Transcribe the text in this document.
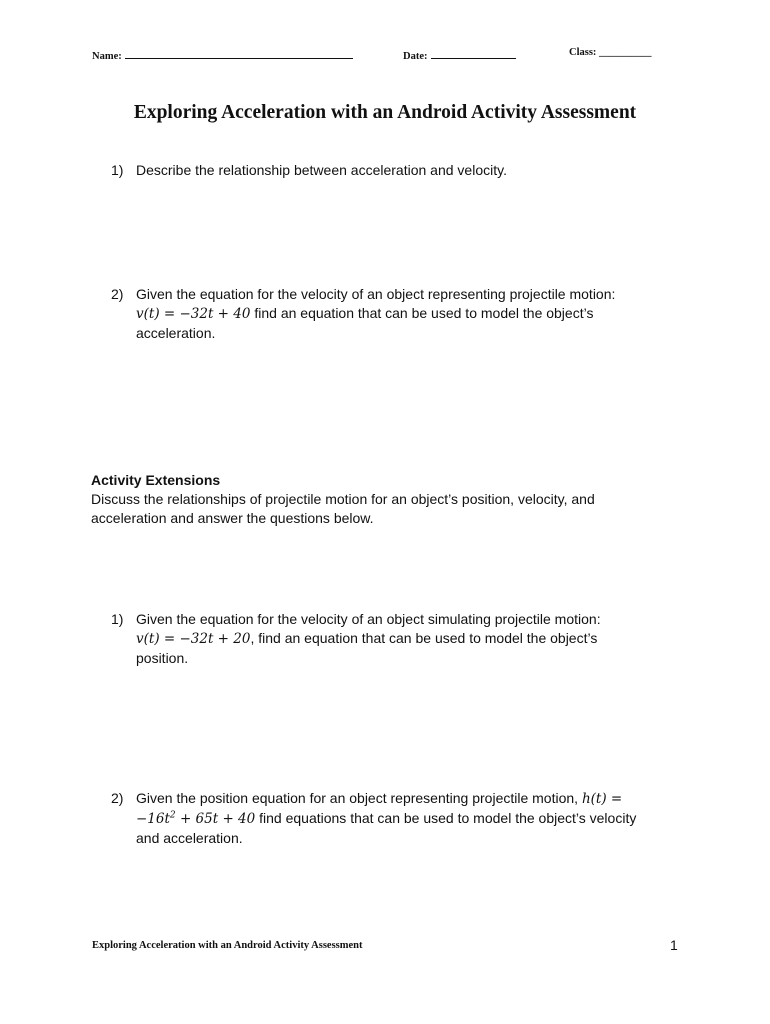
Name:	Date:	Class: __________
Exploring Acceleration with an Android Activity Assessment
1) Describe the relationship between acceleration and velocity.
2) Given the equation for the velocity of an object representing projectile motion:
v(t) = −32t + 40 find an equation that can be used to model the object’s
acceleration.
Activity Extensions
Discuss the relationships of projectile motion for an object’s position, velocity, and
acceleration and answer the questions below.
1) Given the equation for the velocity of an object simulating projectile motion:
v(t) = −32t + 20, find an equation that can be used to model the object’s
position.
2) Given the position equation for an object representing projectile motion, h(t) =
$-16t^2 + 65t + 40$ find equations that can be used to model the object’s velocity
and acceleration.
Exploring Acceleration with an Android Activity Assessment	1
